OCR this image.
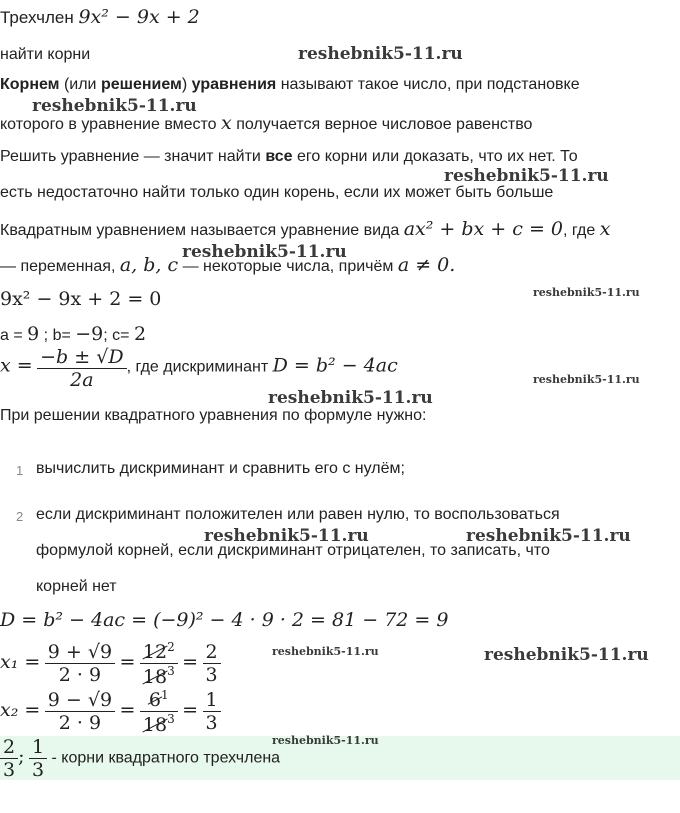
Трехчлен 9x² − 9x + 2
найти корни
Корнем (или решением) уравнения называют такое число, при подстановке
которого в уравнение вместо x получается верное числовое равенство
Решить уравнение — значит найти все его корни или доказать, что их нет. То
есть недостаточно найти только один корень, если их может быть больше
Квадратным уравнением называется уравнение вида ax² + bx + c = 0, где x
— переменная, a, b, c — некоторые числа, причём a ≠ 0.
9x² − 9x + 2 = 0
a = 9 ; b= −9; c= 2
$x = \frac{-b \pm √D}{2a}$ , где дискриминант D = b² − 4ac
При решении квадратного уравнения по формуле нужно:
1 вычислить дискриминант и сравнить его с нулём;
2 если дискриминант положителен или равен нулю, то воспользоваться
формулой корней, если дискриминант отрицателен, то записать, что
корней нет
D = b² − 4ac = (−9)² − 4 · 9 · 2 = 81 − 72 = 9
$x_1 = \frac{9 + √9}{2 \cdot 9} = \frac{12^2}{18^3} = \frac{2}{3}$
$x_2 = \frac{9 - √9}{2 \cdot 9} = \frac{6^1}{18^3} = \frac{1}{3}$
$\frac{2}{3}$ ; $\frac{1}{3}$ - корни квадратного трехчлена
reshebnik5-11.ru
reshebnik5-11.ru
reshebnik5-11.ru
reshebnik5-11.ru
reshebnik5-11.ru
reshebnik5-11.ru
reshebnik5-11.ru
reshebnik5-11.ru	reshebnik5-11.ru
reshebnik5-11.ru	reshebnik5-11.ru
reshebnik5-11.ru
